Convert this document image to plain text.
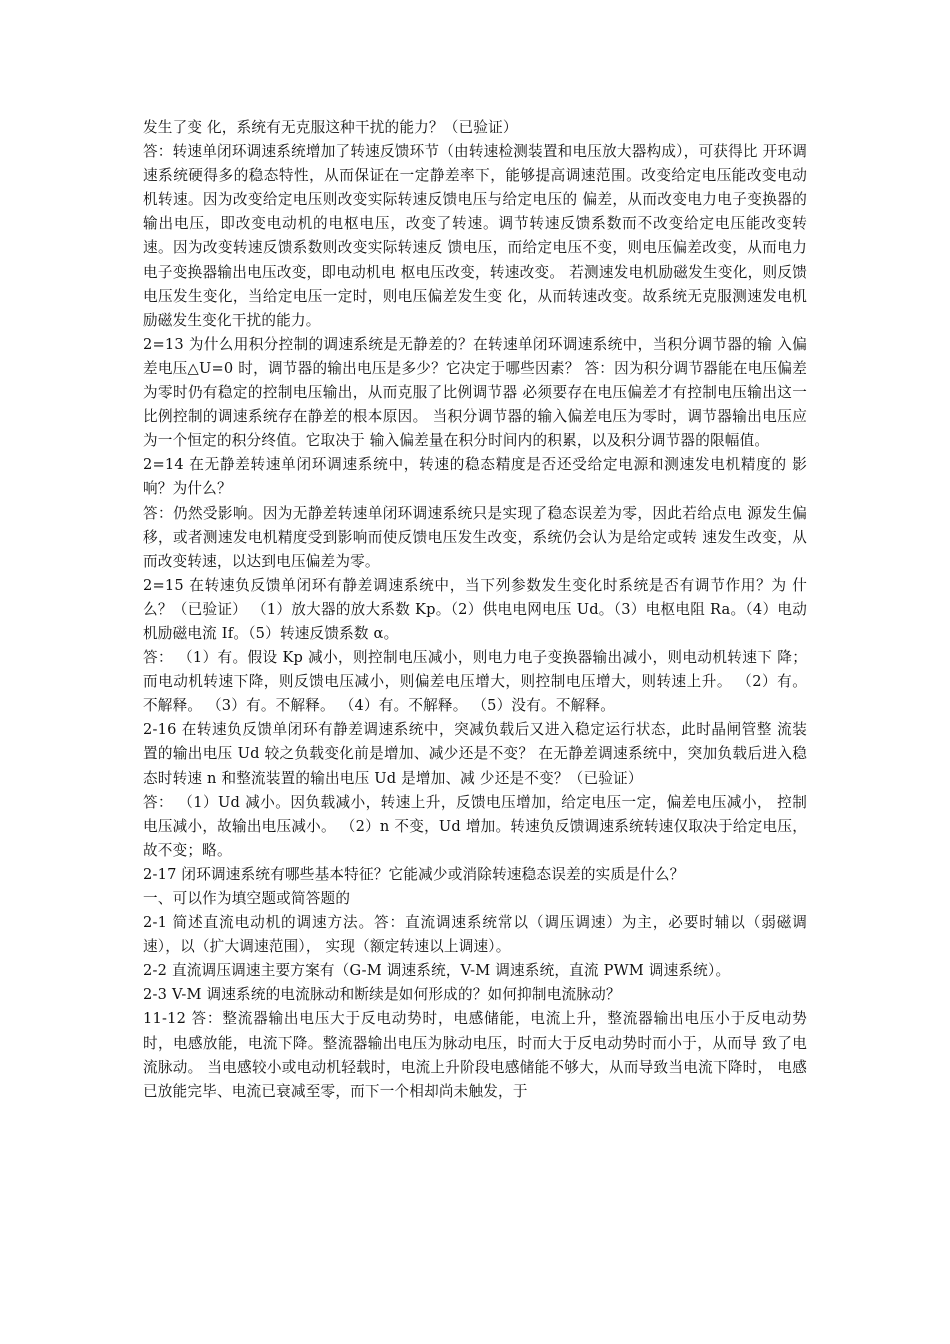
发生了变 化，系统有无克服这种干扰的能力？（已验证）

答：转速单闭环调速系统增加了转速反馈环节（由转速检测装置和电压放大器构成），可获得比 开环调速系统硬得多的稳态特性，从而保证在一定静差率下，能够提高调速范围。改变给定电压能改变电动机转速。因为改变给定电压则改变实际转速反馈电压与给定电压的 偏差，从而改变电力电子变换器的输出电压，即改变电动机的电枢电压，改变了转速。调节转速反馈系数而不改变给定电压能改变转速。因为改变转速反馈系数则改变实际转速反 馈电压，而给定电压不变，则电压偏差改变，从而电力电子变换器输出电压改变，即电动机电 枢电压改变，转速改变。 若测速发电机励磁发生变化，则反馈电压发生变化，当给定电压一定时，则电压偏差发生变 化，从而转速改变。故系统无克服测速发电机励磁发生变化干扰的能力。

2=13 为什么用积分控制的调速系统是无静差的？在转速单闭环调速系统中，当积分调节器的输 入偏差电压△U=0 时，调节器的输出电压是多少？它决定于哪些因素？ 答：因为积分调节器能在电压偏差为零时仍有稳定的控制电压输出，从而克服了比例调节器 必须要存在电压偏差才有控制电压输出这一比例控制的调速系统存在静差的根本原因。 当积分调节器的输入偏差电压为零时，调节器输出电压应为一个恒定的积分终值。它取决于 输入偏差量在积分时间内的积累，以及积分调节器的限幅值。

2=14 在无静差转速单闭环调速系统中，转速的稳态精度是否还受给定电源和测速发电机精度的 影响？为什么？

答：仍然受影响。因为无静差转速单闭环调速系统只是实现了稳态误差为零，因此若给点电 源发生偏移，或者测速发电机精度受到影响而使反馈电压发生改变，系统仍会认为是给定或转 速发生改变，从而改变转速，以达到电压偏差为零。

2=15 在转速负反馈单闭环有静差调速系统中，当下列参数发生变化时系统是否有调节作用？为 什么？（已验证） （1）放大器的放大系数 Kp。（2）供电电网电压 Ud。（3）电枢电阻 Ra。（4）电动机励磁电流 If。（5）转速反馈系数 α。

答： （1）有。假设 Kp 减小，则控制电压减小，则电力电子变换器输出减小，则电动机转速下 降；而电动机转速下降，则反馈电压减小，则偏差电压增大，则控制电压增大，则转速上升。 （2）有。不解释。 （3）有。不解释。 （4）有。不解释。 （5）没有。不解释。

2-16 在转速负反馈单闭环有静差调速系统中，突减负载后又进入稳定运行状态，此时晶闸管整 流装置的输出电压 Ud 较之负载变化前是增加、减少还是不变？ 在无静差调速系统中，突加负载后进入稳态时转速 n 和整流装置的输出电压 Ud 是增加、减 少还是不变？（已验证）

答： （1）Ud 减小。因负载减小，转速上升，反馈电压增加，给定电压一定，偏差电压减小， 控制电压减小，故输出电压减小。 （2）n 不变，Ud 增加。转速负反馈调速系统转速仅取决于给定电压，故不变；略。

2-17 闭环调速系统有哪些基本特征？它能减少或消除转速稳态误差的实质是什么？

一、可以作为填空题或简答题的

2-1 简述直流电动机的调速方法。答：直流调速系统常以（调压调速）为主，必要时辅以（弱磁调速），以（扩大调速范围）， 实现（额定转速以上调速）。

2-2 直流调压调速主要方案有（G-M 调速系统，V-M 调速系统，直流 PWM 调速系统）。

2-3 V-M 调速系统的电流脉动和断续是如何形成的？如何抑制电流脉动？

11-12 答：整流器输出电压大于反电动势时，电感储能，电流上升，整流器输出电压小于反电动势 时，电感放能，电流下降。整流器输出电压为脉动电压，时而大于反电动势时而小于，从而导 致了电流脉动。 当电感较小或电动机轻载时，电流上升阶段电感储能不够大，从而导致当电流下降时， 电感已放能完毕、电流已衰减至零，而下一个相却尚未触发，于
